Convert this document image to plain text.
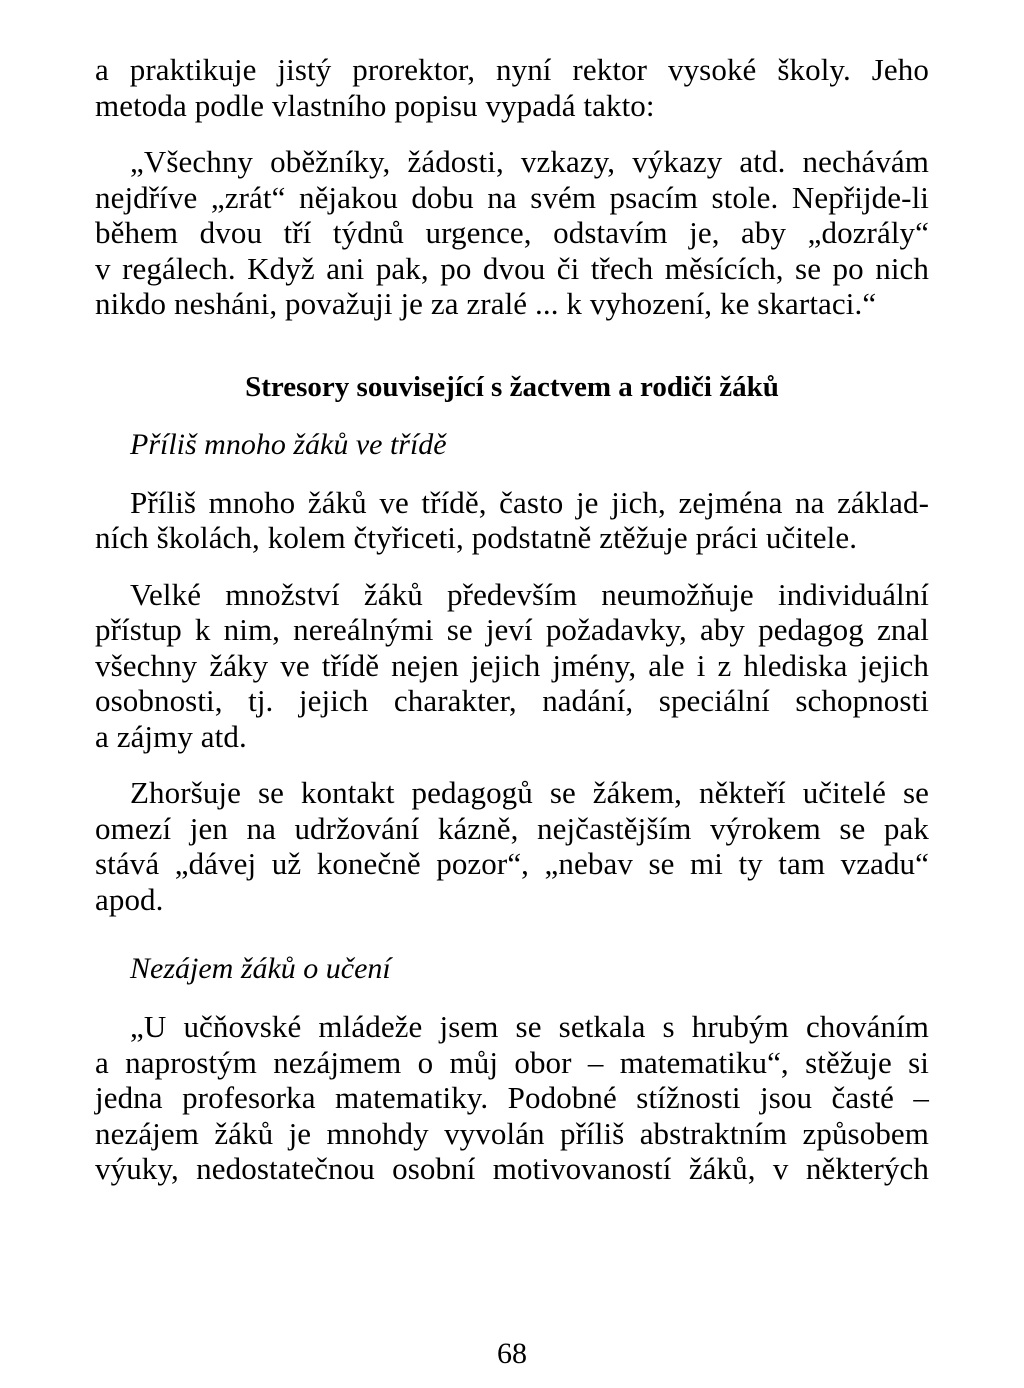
a praktikuje jistý prorektor, nyní rektor vysoké školy. Jeho
metoda podle vlastního popisu vypadá takto:
„Všechny oběžníky, žádosti, vzkazy, výkazy atd. nechávám
nejdříve „zrát“ nějakou dobu na svém psacím stole. Nepřijde-li
během dvou tří týdnů urgence, odstavím je, aby „dozrály“
v regálech. Když ani pak, po dvou či třech měsících, se po nich
nikdo nesháni, považuji je za zralé ... k vyhození, ke skartaci.“
Stresory související s žactvem a rodiči žáků
Příliš mnoho žáků ve třídě
Příliš mnoho žáků ve třídě, často je jich, zejména na základ-
ních školách, kolem čtyřiceti, podstatně ztěžuje práci učitele.
Velké množství žáků především neumožňuje individuální
přístup k nim, nereálnými se jeví požadavky, aby pedagog znal
všechny žáky ve třídě nejen jejich jmény, ale i z hlediska jejich
osobnosti, tj. jejich charakter, nadání, speciální schopnosti
a zájmy atd.
Zhoršuje se kontakt pedagogů se žákem, někteří učitelé se
omezí jen na udržování kázně, nejčastějším výrokem se pak
stává „dávej už konečně pozor“, „nebav se mi ty tam vzadu“
apod.
Nezájem žáků o učení
„U učňovské mládeže jsem se setkala s hrubým chováním
a naprostým nezájmem o můj obor – matematiku“, stěžuje si
jedna profesorka matematiky. Podobné stížnosti jsou časté –
nezájem žáků je mnohdy vyvolán příliš abstraktním způsobem
výuky, nedostatečnou osobní motivovaností žáků, v některých
68
